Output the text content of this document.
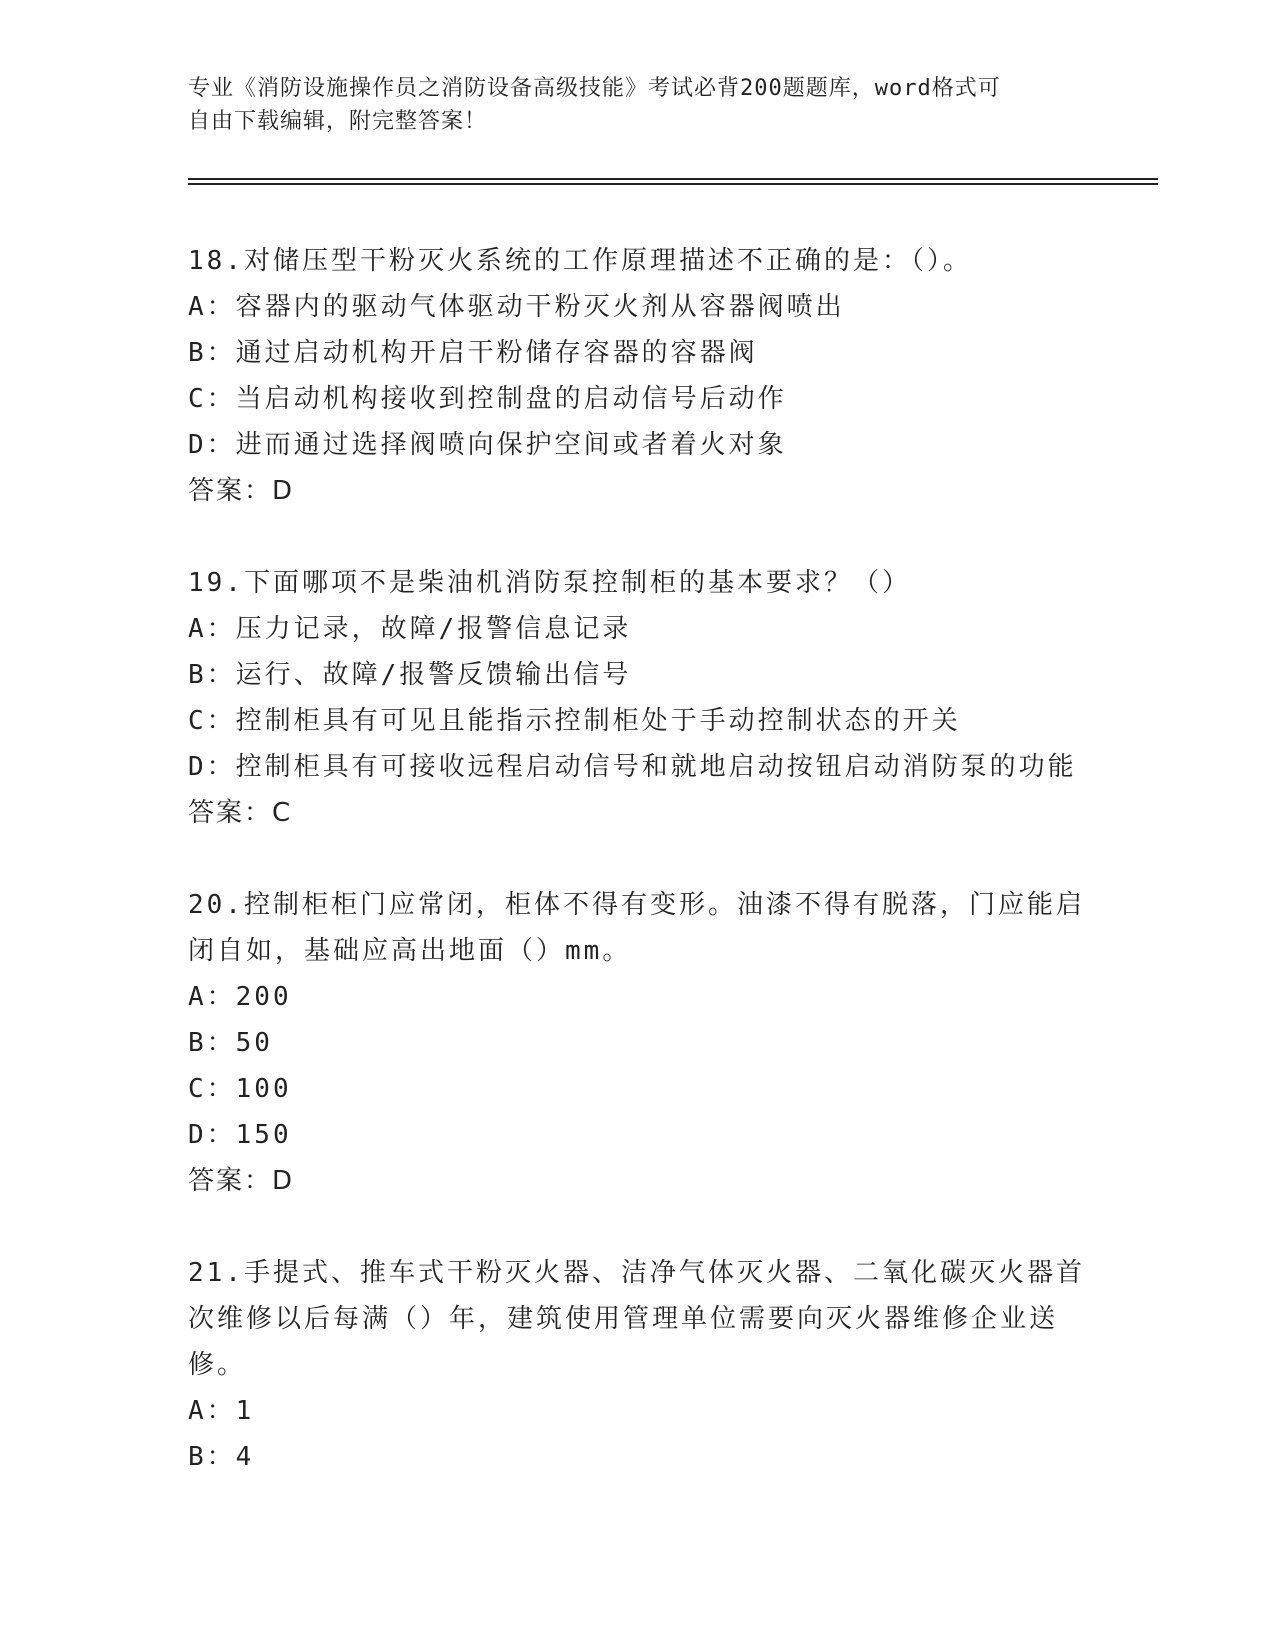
专业《消防设施操作员之消防设备高级技能》考试必背200题题库，word格式可
自由下载编辑，附完整答案！
18.对储压型干粉灭火系统的工作原理描述不正确的是：（）。
A：容器内的驱动气体驱动干粉灭火剂从容器阀喷出
B：通过启动机构开启干粉储存容器的容器阀
C：当启动机构接收到控制盘的启动信号后动作
D：进而通过选择阀喷向保护空间或者着火对象
答案：D
19.下面哪项不是柴油机消防泵控制柜的基本要求？（）
A：压力记录，故障/报警信息记录
B：运行、故障/报警反馈输出信号
C：控制柜具有可见且能指示控制柜处于手动控制状态的开关
D：控制柜具有可接收远程启动信号和就地启动按钮启动消防泵的功能
答案：C
20.控制柜柜门应常闭，柜体不得有变形。油漆不得有脱落，门应能启
闭自如，基础应高出地面（）mm。
A：200
B：50
C：100
D：150
答案：D
21.手提式、推车式干粉灭火器、洁净气体灭火器、二氧化碳灭火器首
次维修以后每满（）年，建筑使用管理单位需要向灭火器维修企业送
修。
A：1
B：4
